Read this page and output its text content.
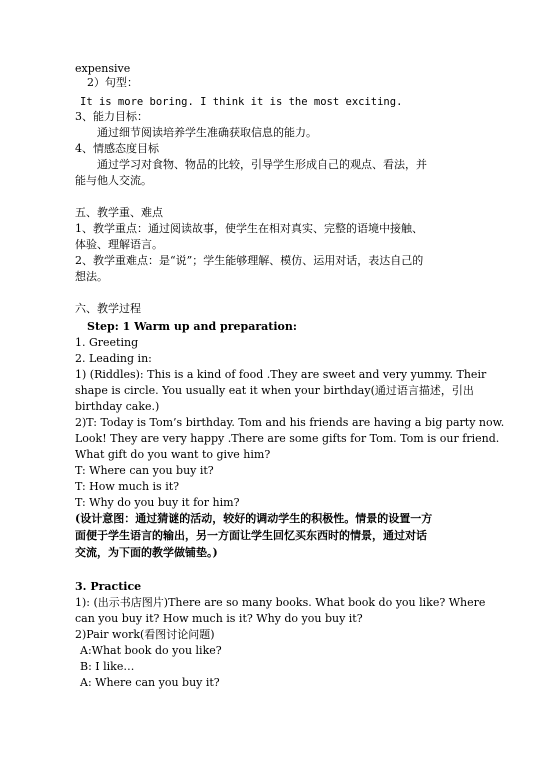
expensive
2）句型：
It is more boring. I think it is the most exciting.
3、能力目标：
通过细节阅读培养学生准确获取信息的能力。
4、情感态度目标
通过学习对食物、物品的比较，引导学生形成自己的观点、看法，并
能与他人交流。
五、教学重、难点
1、教学重点：通过阅读故事，使学生在相对真实、完整的语境中接触、
体验、理解语言。
2、教学重难点：是“说”；学生能够理解、模仿、运用对话，表达自己的
想法。
六、教学过程
Step: 1 Warm up and preparation:
1. Greeting
2. Leading in:
1) (Riddles): This is a kind of food .They are sweet and very yummy. Their
shape is circle. You usually eat it when your birthday(通过语言描述，引出
birthday cake.)
2)T: Today is Tom’s birthday. Tom and his friends are having a big party now.
Look! They are very happy .There are some gifts for Tom. Tom is our friend.
What gift do you want to give him?
T: Where can you buy it?
T: How much is it?
T: Why do you buy it for him?
(设计意图：通过猜谜的活动，较好的调动学生的积极性。情景的设置一方
面便于学生语言的输出，另一方面让学生回忆买东西时的情景，通过对话
交流，为下面的教学做铺垫。)
3. Practice
1): (出示书店图片)There are so many books. What book do you like? Where
can you buy it? How much is it? Why do you buy it?
2)Pair work(看图讨论问题)
A:What book do you like?
B: I like…
A: Where can you buy it?
